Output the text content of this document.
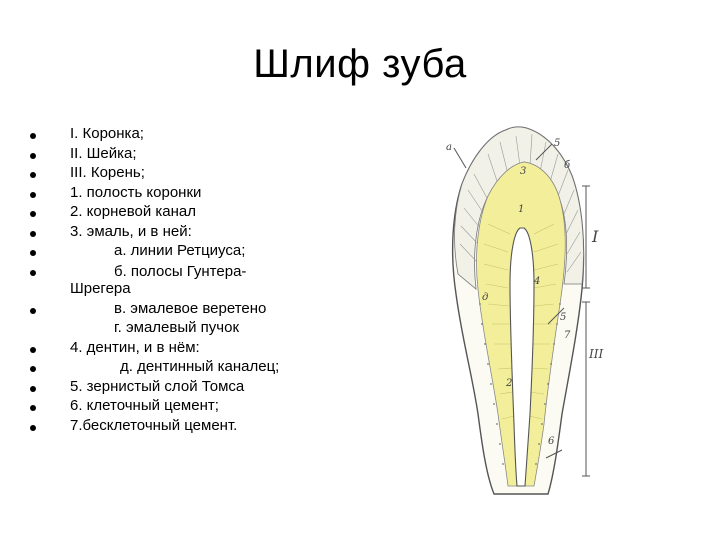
Шлиф зуба
I. Коронка;
II. Шейка;
III. Корень;
1. полость коронки
2. корневой канал
3. эмаль, и в ней:
а. линии Ретциуса;
б. полосы Гунтера-
Шрегера
в. эмалевое веретено
г. эмалевый пучок
4. дентин, и в нём:
д. дентинный каналец;
5. зернистый слой Томса
6. клеточный цемент;
7.бесклеточный цемент.
а	5
3
б
I
д
4
5
7
III
2
6
1
